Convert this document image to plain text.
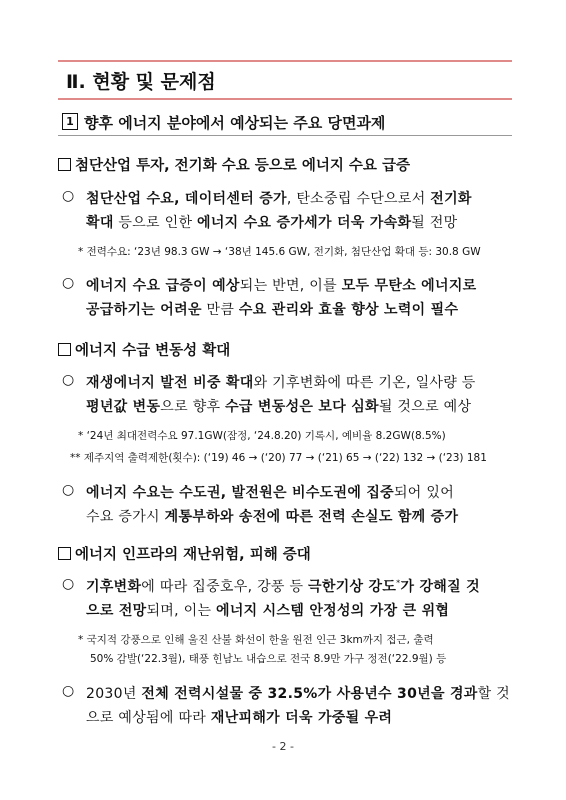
Ⅱ. 현황 및 문제점
1 향후 에너지 분야에서 예상되는 주요 당면과제
첨단산업 투자, 전기화 수요 등으로 에너지 수요 급증
○ 첨단산업 수요, 데이터센터 증가, 탄소중립 수단으로서 전기화
확대 등으로 인한 에너지 수요 증가세가 더욱 가속화될 전망
* 전력수요: ‘23년 98.3 GW → ‘38년 145.6 GW, 전기화, 첨단산업 확대 등: 30.8 GW
○ 에너지 수요 급증이 예상되는 반면, 이를 모두 무탄소 에너지로
공급하기는 어려운 만큼 수요 관리와 효율 향상 노력이 필수
에너지 수급 변동성 확대
○ 재생에너지 발전 비중 확대와 기후변화에 따른 기온, 일사량 등
평년값 변동으로 향후 수급 변동성은 보다 심화될 것으로 예상
* ‘24년 최대전력수요 97.1GW(잠정, ‘24.8.20) 기록시, 예비율 8.2GW(8.5%)
** 제주지역 출력제한(횟수): (‘19) 46 → (‘20) 77 → (‘21) 65 → (‘22) 132 → (‘23) 181
○ 에너지 수요는 수도권, 발전원은 비수도권에 집중되어 있어
수요 증가시 계통부하와 송전에 따른 전력 손실도 함께 증가
에너지 인프라의 재난위험, 피해 증대
○ 기후변화에 따라 집중호우, 강풍 등 극한기상 강도*가 강해질 것
으로 전망되며, 이는 에너지 시스템 안정성의 가장 큰 위협
* 국지적 강풍으로 인해 울진 산불 화선이 한울 원전 인근 3km까지 접근, 출력
50% 감발(‘22.3월), 태풍 힌남노 내습으로 전국 8.9만 가구 정전(‘22.9월) 등
○ 2030년 전체 전력시설물 중 32.5%가 사용년수 30년을 경과할 것
으로 예상됨에 따라 재난피해가 더욱 가중될 우려
- 2 -
